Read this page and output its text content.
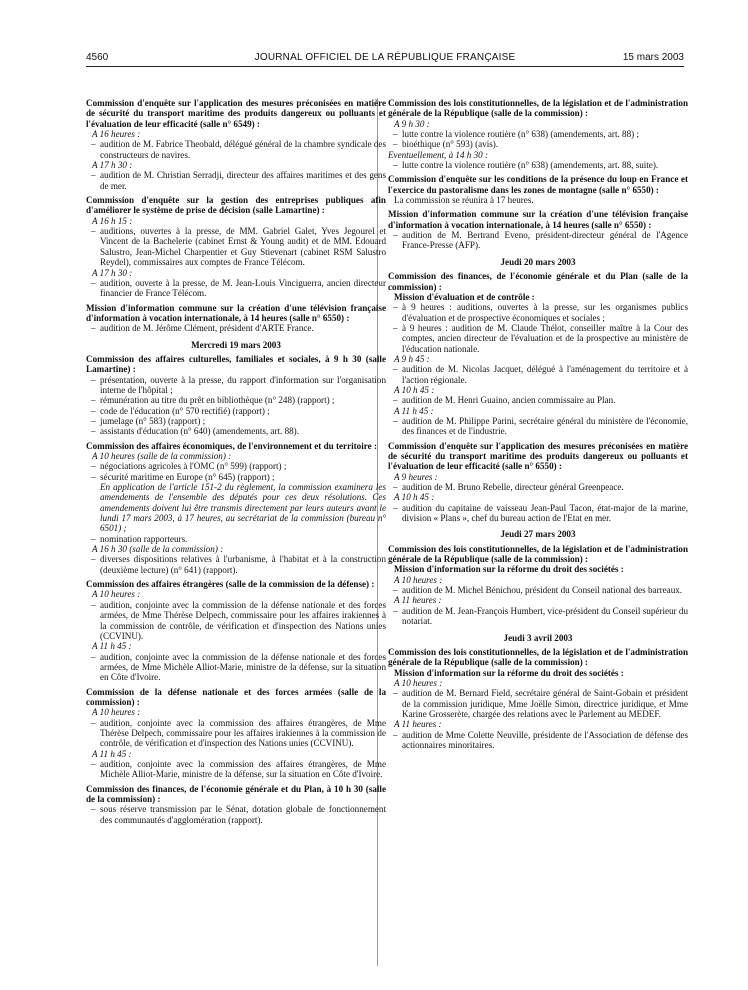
4560	JOURNAL OFFICIEL DE LA RÉPUBLIQUE FRANÇAISE	15 mars 2003

Commission d'enquête sur l'application des mesures préconisées en matière de sécurité du transport maritime des produits dangereux ou polluants et l'évaluation de leur efficacité (salle n° 6549) :

A 16 heures :

– audition de M. Fabrice Theobald, délégué général de la chambre syndicale des constructeurs de navires.

A 17 h 30 :

– audition de M. Christian Serradji, directeur des affaires maritimes et des gens de mer.

Commission d'enquête sur la gestion des entreprises publiques afin d'améliorer le système de prise de décision (salle Lamartine) :

A 16 h 15 :

– auditions, ouvertes à la presse, de MM. Gabriel Galet, Yves Jegourel et Vincent de la Bachelerie (cabinet Ernst & Young audit) et de MM. Edouard Salustro, Jean-Michel Charpentier et Guy Stievenart (cabinet RSM Salustro Reydel), commissaires aux comptes de France Télécom.

A 17 h 30 :

– audition, ouverte à la presse, de M. Jean-Louis Vinciguerra, ancien directeur financier de France Télécom.

Mission d'information commune sur la création d'une télévision française d'information à vocation internationale, à 14 heures (salle n° 6550) :

– audition de M. Jérôme Clément, président d'ARTE France.

Mercredi 19 mars 2003

Commission des affaires culturelles, familiales et sociales, à 9 h 30 (salle Lamartine) :

– présentation, ouverte à la presse, du rapport d'information sur l'organisation interne de l'hôpital ;

– rémunération au titre du prêt en bibliothèque (n° 248) (rapport) ;

– code de l'éducation (n° 570 rectifié) (rapport) ;

– jumelage (n° 583) (rapport) ;

– assistants d'éducation (n° 640) (amendements, art. 88).

Commission des affaires économiques, de l'environnement et du territoire :

A 10 heures (salle de la commission) :

– négociations agricoles à l'OMC (n° 599) (rapport) ;

– sécurité maritime en Europe (n° 645) (rapport) ;

En application de l'article 151-2 du règlement, la commission examinera les amendements de l'ensemble des députés pour ces deux résolutions. Ces amendements doivent lui être transmis directement par leurs auteurs avant le lundi 17 mars 2003, à 17 heures, au secrétariat de la commission (bureau n° 6501) ;

– nomination rapporteurs.

A 16 h 30 (salle de la commission) :

– diverses dispositions relatives à l'urbanisme, à l'habitat et à la construction (deuxième lecture) (n° 641) (rapport).

Commission des affaires étrangères (salle de la commission de la défense) :

A 10 heures :

– audition, conjointe avec la commission de la défense nationale et des forces armées, de Mme Thérèse Delpech, commissaire pour les affaires irakiennes à la commission de contrôle, de vérification et d'inspection des Nations unies (CCVINU).

A 11 h 45 :

– audition, conjointe avec la commission de la défense nationale et des forces armées, de Mme Michèle Alliot-Marie, ministre de la défense, sur la situation en Côte d'Ivoire.

Commission de la défense nationale et des forces armées (salle de la commission) :

A 10 heures :

– audition, conjointe avec la commission des affaires étrangères, de Mme Thérèse Delpech, commissaire pour les affaires irakiennes à la commission de contrôle, de vérification et d'inspection des Nations unies (CCVINU).

A 11 h 45 :

– audition, conjointe avec la commission des affaires étrangères, de Mme Michèle Alliot-Marie, ministre de la défense, sur la situation en Côte d'Ivoire.

Commission des finances, de l'économie générale et du Plan, à 10 h 30 (salle de la commission) :

– sous réserve transmission par le Sénat, dotation globale de fonctionnement des communautés d'agglomération (rapport).

Commission des lois constitutionnelles, de la législation et de l'administration générale de la République (salle de la commission) :

A 9 h 30 :

– lutte contre la violence routière (n° 638) (amendements, art. 88) ;

– bioéthique (n° 593) (avis).

Eventuellement, à 14 h 30 :

– lutte contre la violence routière (n° 638) (amendements, art. 88, suite).

Commission d'enquête sur les conditions de la présence du loup en France et l'exercice du pastoralisme dans les zones de montagne (salle n° 6550) :

La commission se réunira à 17 heures.

Mission d'information commune sur la création d'une télévision française d'information à vocation internationale, à 14 heures (salle n° 6550) :

– audition de M. Bertrand Eveno, président-directeur général de l'Agence France-Presse (AFP).

Jeudi 20 mars 2003

Commission des finances, de l'économie générale et du Plan (salle de la commission) :

Mission d'évaluation et de contrôle :

– à 9 heures : auditions, ouvertes à la presse, sur les organismes publics d'évaluation et de prospective économiques et sociales ;

– à 9 heures : audition de M. Claude Thélot, conseiller maître à la Cour des comptes, ancien directeur de l'évaluation et de la prospective au ministère de l'éducation nationale.

A 9 h 45 :

– audition de M. Nicolas Jacquet, délégué à l'aménagement du territoire et à l'action régionale.

A 10 h 45 :

– audition de M. Henri Guaino, ancien commissaire au Plan.

A 11 h 45 :

– audition de M. Philippe Parini, secrétaire général du ministère de l'économie, des finances et de l'industrie.

Commission d'enquête sur l'application des mesures préconisées en matière de sécurité du transport maritime des produits dangereux ou polluants et l'évaluation de leur efficacité (salle n° 6550) :

A 9 heures :

– audition de M. Bruno Rebelle, directeur général Greenpeace.

A 10 h 45 :

– audition du capitaine de vaisseau Jean-Paul Tacon, état-major de la marine, division « Plans », chef du bureau action de l'Etat en mer.

Jeudi 27 mars 2003

Commission des lois constitutionnelles, de la législation et de l'administration générale de la République (salle de la commission) :

Mission d'information sur la réforme du droit des sociétés :

A 10 heures :

– audition de M. Michel Bénichou, président du Conseil national des barreaux.

A 11 heures :

– audition de M. Jean-François Humbert, vice-président du Conseil supérieur du notariat.

Jeudi 3 avril 2003

Commission des lois constitutionnelles, de la législation et de l'administration générale de la République (salle de la commission) :

Mission d'information sur la réforme du droit des sociétés :

A 10 heures :

– audition de M. Bernard Field, secrétaire général de Saint-Gobain et président de la commission juridique, Mme Joëlle Simon, directrice juridique, et Mme Karine Grosserète, chargée des relations avec le Parlement au MEDEF.

A 11 heures :

– audition de Mme Colette Neuville, présidente de l'Association de défense des actionnaires minoritaires.
